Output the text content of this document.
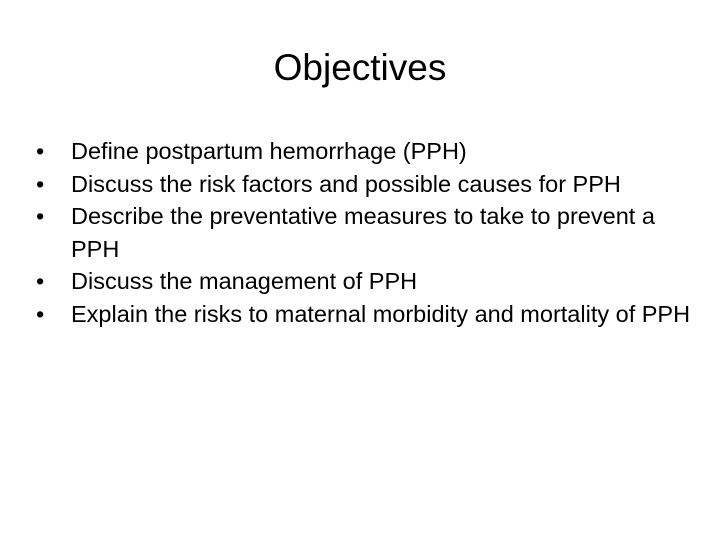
Objectives
•	Define postpartum hemorrhage (PPH)
•	Discuss the risk factors and possible causes for PPH
•	Describe the preventative measures to take to prevent a PPH
•	Discuss the management of PPH
•	Explain the risks to maternal morbidity and mortality of PPH
